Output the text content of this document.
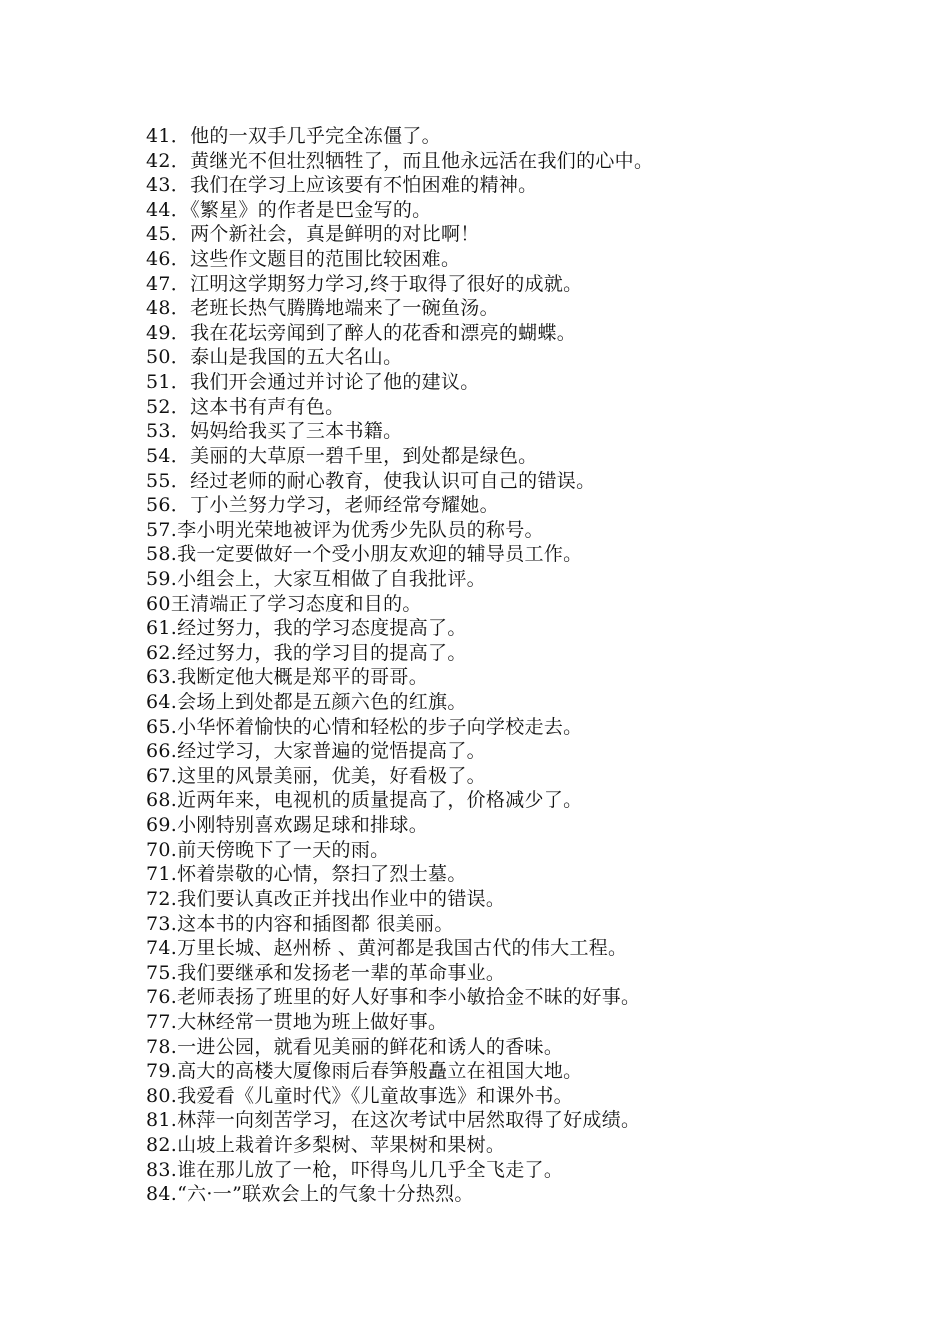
41．他的一双手几乎完全冻僵了。
42．黄继光不但壮烈牺牲了，而且他永远活在我们的心中。
43．我们在学习上应该要有不怕困难的精神。
44．《繁星》的作者是巴金写的。
45．两个新社会，真是鲜明的对比啊！
46．这些作文题目的范围比较困难。
47．江明这学期努力学习,终于取得了很好的成就。
48．老班长热气腾腾地端来了一碗鱼汤。
49．我在花坛旁闻到了醉人的花香和漂亮的蝴蝶。
50．泰山是我国的五大名山。
51．我们开会通过并讨论了他的建议。
52．这本书有声有色。
53．妈妈给我买了三本书籍。
54．美丽的大草原一碧千里，到处都是绿色。
55．经过老师的耐心教育，使我认识可自己的错误。
56．丁小兰努力学习，老师经常夸耀她。
57.李小明光荣地被评为优秀少先队员的称号。
58.我一定要做好一个受小朋友欢迎的辅导员工作。
59.小组会上，大家互相做了自我批评。
60王清端正了学习态度和目的。
61.经过努力，我的学习态度提高了。
62.经过努力，我的学习目的提高了。
63.我断定他大概是郑平的哥哥。
64.会场上到处都是五颜六色的红旗。
65.小华怀着愉快的心情和轻松的步子向学校走去。
66.经过学习，大家普遍的觉悟提高了。
67.这里的风景美丽，优美，好看极了。
68.近两年来，电视机的质量提高了，价格减少了。
69.小刚特别喜欢踢足球和排球。
70.前天傍晚下了一天的雨。
71.怀着崇敬的心情，祭扫了烈士墓。
72.我们要认真改正并找出作业中的错误。
73.这本书的内容和插图都 很美丽。
74.万里长城、赵州桥 、黄河都是我国古代的伟大工程。
75.我们要继承和发扬老一辈的革命事业。
76.老师表扬了班里的好人好事和李小敏拾金不昧的好事。
77.大林经常一贯地为班上做好事。
78.一进公园，就看见美丽的鲜花和诱人的香味。
79.高大的高楼大厦像雨后春笋般矗立在祖国大地。
80.我爱看《儿童时代》《儿童故事选》和课外书。
81.林萍一向刻苦学习，在这次考试中居然取得了好成绩。
82.山坡上栽着许多梨树、苹果树和果树。
83.谁在那儿放了一枪，吓得鸟儿几乎全飞走了。
84.“六·一”联欢会上的气象十分热烈。
